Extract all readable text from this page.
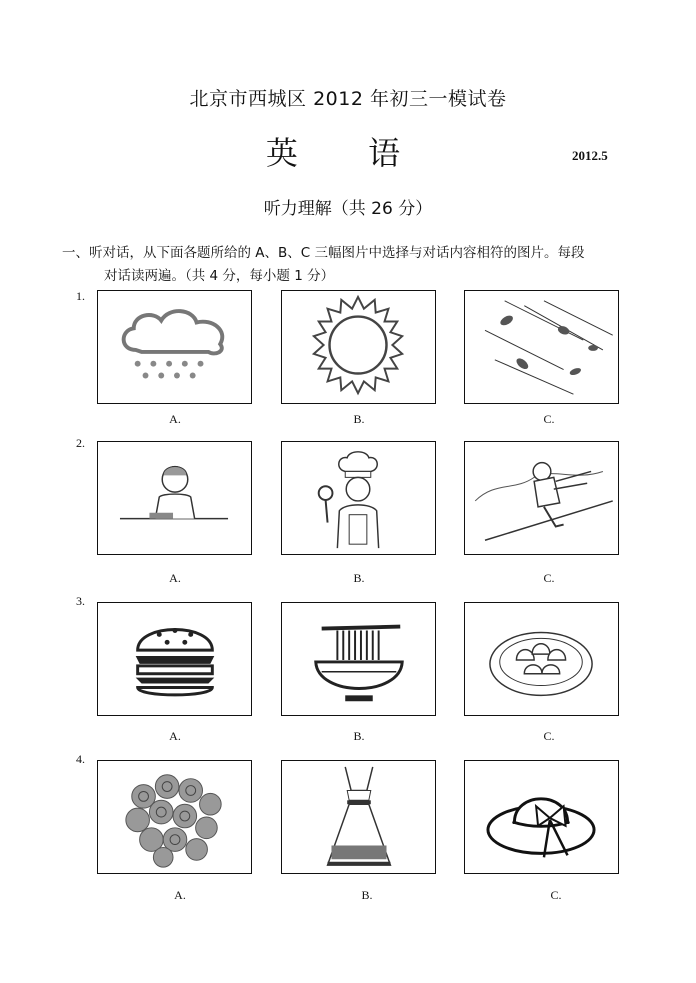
北京市西城区 2012 年初三一模试卷
英 语	2012.5
听力理解（共 26 分）
一、听对话，从下面各题所给的 A、B、C 三幅图片中选择与对话内容相符的图片。每段
对话读两遍。（共 4 分，每小题 1 分）
1.
A.	B.	C.
2.
A.	B.	C.
3.
A.	B.	C.
4.
A.	B.	C.
